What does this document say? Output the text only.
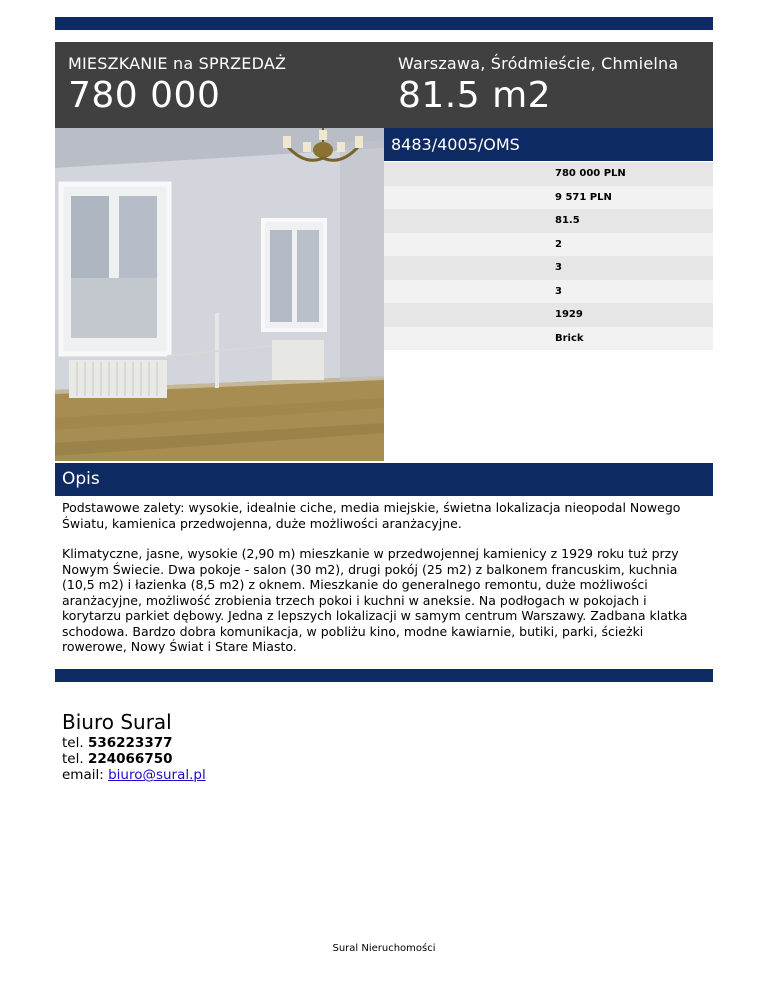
MIESZKANIE na SPRZEDAŻ
780 000
Warszawa, Śródmieście, Chmielna
81.5 m2
8483/4005/OMS
780 000 PLN
9 571 PLN
81.5
2
3
3
1929
Brick
Opis

Podstawowe zalety: wysokie, idealnie ciche, media miejskie, świetna lokalizacja nieopodal Nowego Światu, kamienica przedwojenna, duże możliwości aranżacyjne.

Klimatyczne, jasne, wysokie (2,90 m) mieszkanie w przedwojennej kamienicy z 1929 roku tuż przy Nowym Świecie. Dwa pokoje - salon (30 m2), drugi pokój (25 m2) z balkonem francuskim, kuchnia (10,5 m2) i łazienka (8,5 m2) z oknem. Mieszkanie do generalnego remontu, duże możliwości aranżacyjne, możliwość zrobienia trzech pokoi i kuchni w aneksie. Na podłogach w pokojach i korytarzu parkiet dębowy. Jedna z lepszych lokalizacji w samym centrum Warszawy. Zadbana klatka schodowa. Bardzo dobra komunikacja, w pobliżu kino, modne kawiarnie, butiki, parki, ścieżki rowerowe, Nowy Świat i Stare Miasto.

Biuro Sural
tel. 536223377
tel. 224066750
email: biuro@sural.pl
Sural Nieruchomości
